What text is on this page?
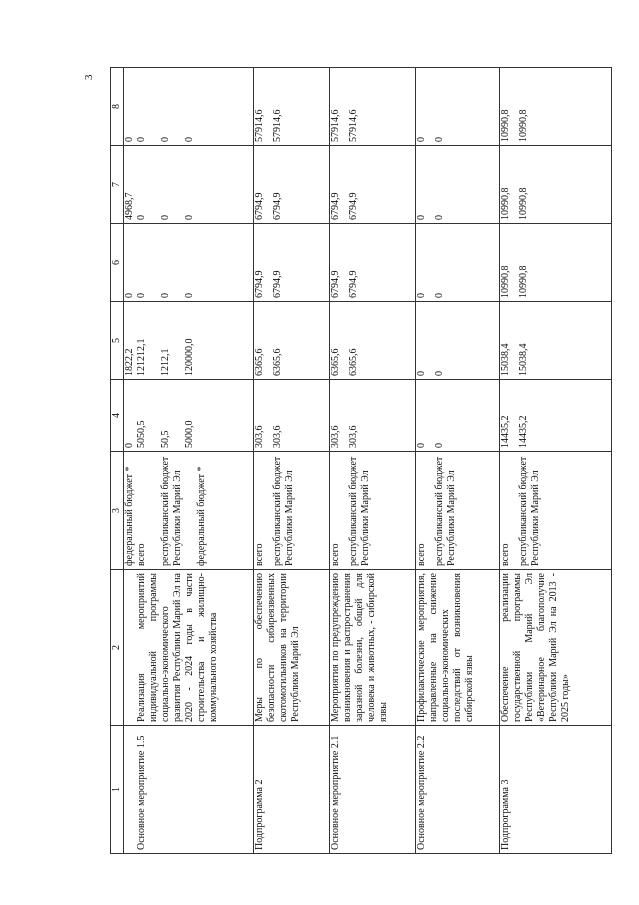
3
1	2	3	4	5	6	7	8

Основное мероприятие 1.5	Реализация мероприятий индивидуальной программы социально-экономического развития Республики Марий Эл на 2020 - 2024 годы в части строительства и жилищно-коммунального хозяйства	федеральный бюджет * всего республиканский бюджет Республики Марий Эл федеральный бюджет *	0 5050,5 50,5 5000,0	1822,2 121212,1 1212,1 120000,0	0 0 0 0	4968,7 0 0 0	0 0 0 0

Подпрограмма 2	Меры по обеспечению безопасности сибиреязвенных скотомогильников на территории Республики Марий Эл	всего республиканский бюджет Республики Марий Эл	303,6 303,6	6365,6 6365,6	6794,9 6794,9	6794,9 6794,9	57914,6 57914,6

Основное мероприятие 2.1	Мероприятия по предупреждению возникновения и распространения заразной болезни, общей для человека и животных, - сибирской язвы	всего республиканский бюджет Республики Марий Эл	303,6 303,6	6365,6 6365,6	6794,9 6794,9	6794,9 6794,9	57914,6 57914,6

Основное мероприятие 2.2	Профилактические мероприятия, направленные на снижение социально-экономических последствий от возникновения сибирской язвы	всего республиканский бюджет Республики Марий Эл	0 0	0 0	0 0	0 0	0 0

Подпрограмма 3	Обеспечение реализации государственной программы Республики Марий Эл «Ветеринарное благополучие Республики Марий Эл на 2013 - 2025 годы»	всего республиканский бюджет Республики Марий Эл	14435,2 14435,2	15038,4 15038,4	10990,8 10990,8	10990,8 10990,8	10990,8 10990,8
